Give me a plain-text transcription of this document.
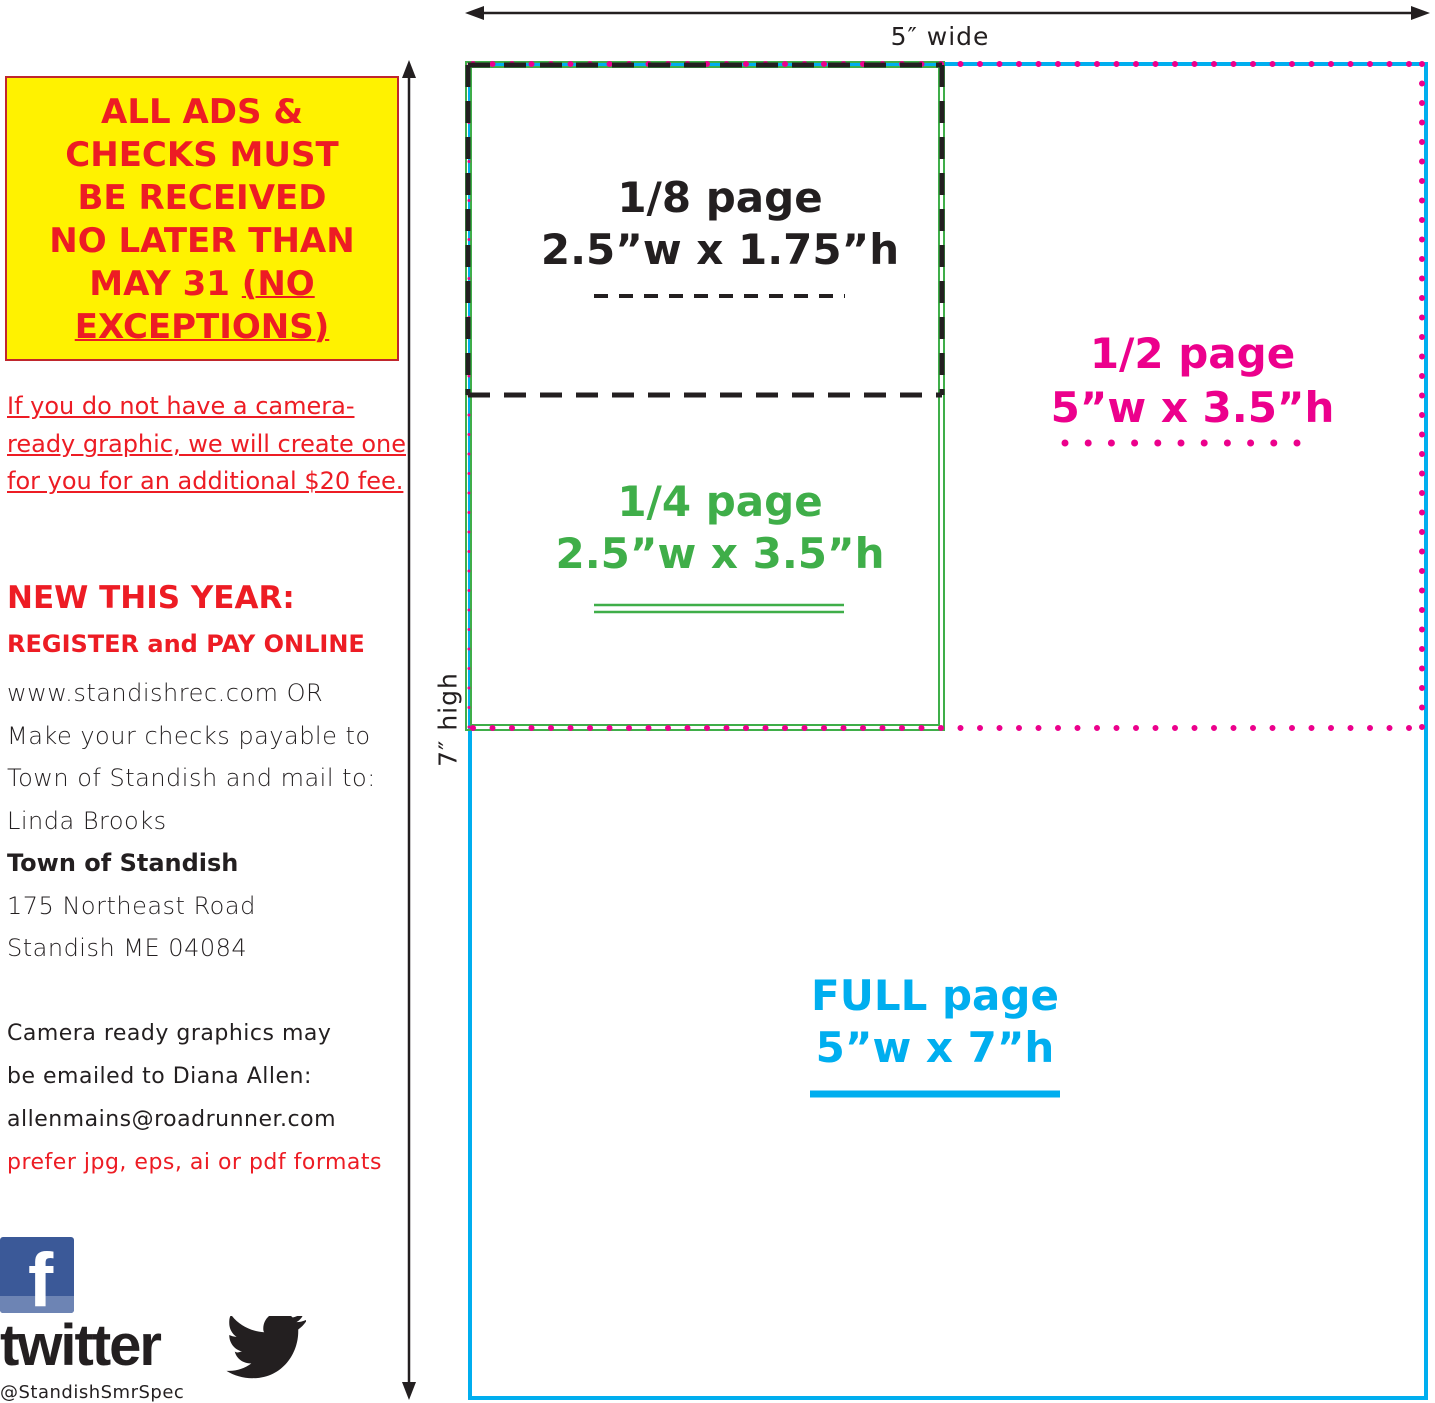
5″ wide
7″ high
1/8 page
2.5”w x 1.75”h
1/4 page
2.5”w x 3.5”h
1/2 page
5”w x 3.5”h
FULL page
5”w x 7”h
ALL ADS &
CHECKS MUST
BE RECEIVED
NO LATER THAN
MAY 31 (NO
EXCEPTIONS)
If you do not have a camera-ready graphic, we will create one for you for an additional $20 fee.
NEW THIS YEAR:
REGISTER and PAY ONLINE
www.standishrec.com OR
Make your checks payable to
Town of Standish and mail to:
Linda Brooks
Town of Standish
175 Northeast Road
Standish ME 04084
Camera ready graphics may
be emailed to Diana Allen:
allenmains@roadrunner.com
prefer jpg, eps, ai or pdf formats
f
twitter
@StandishSmrSpec
